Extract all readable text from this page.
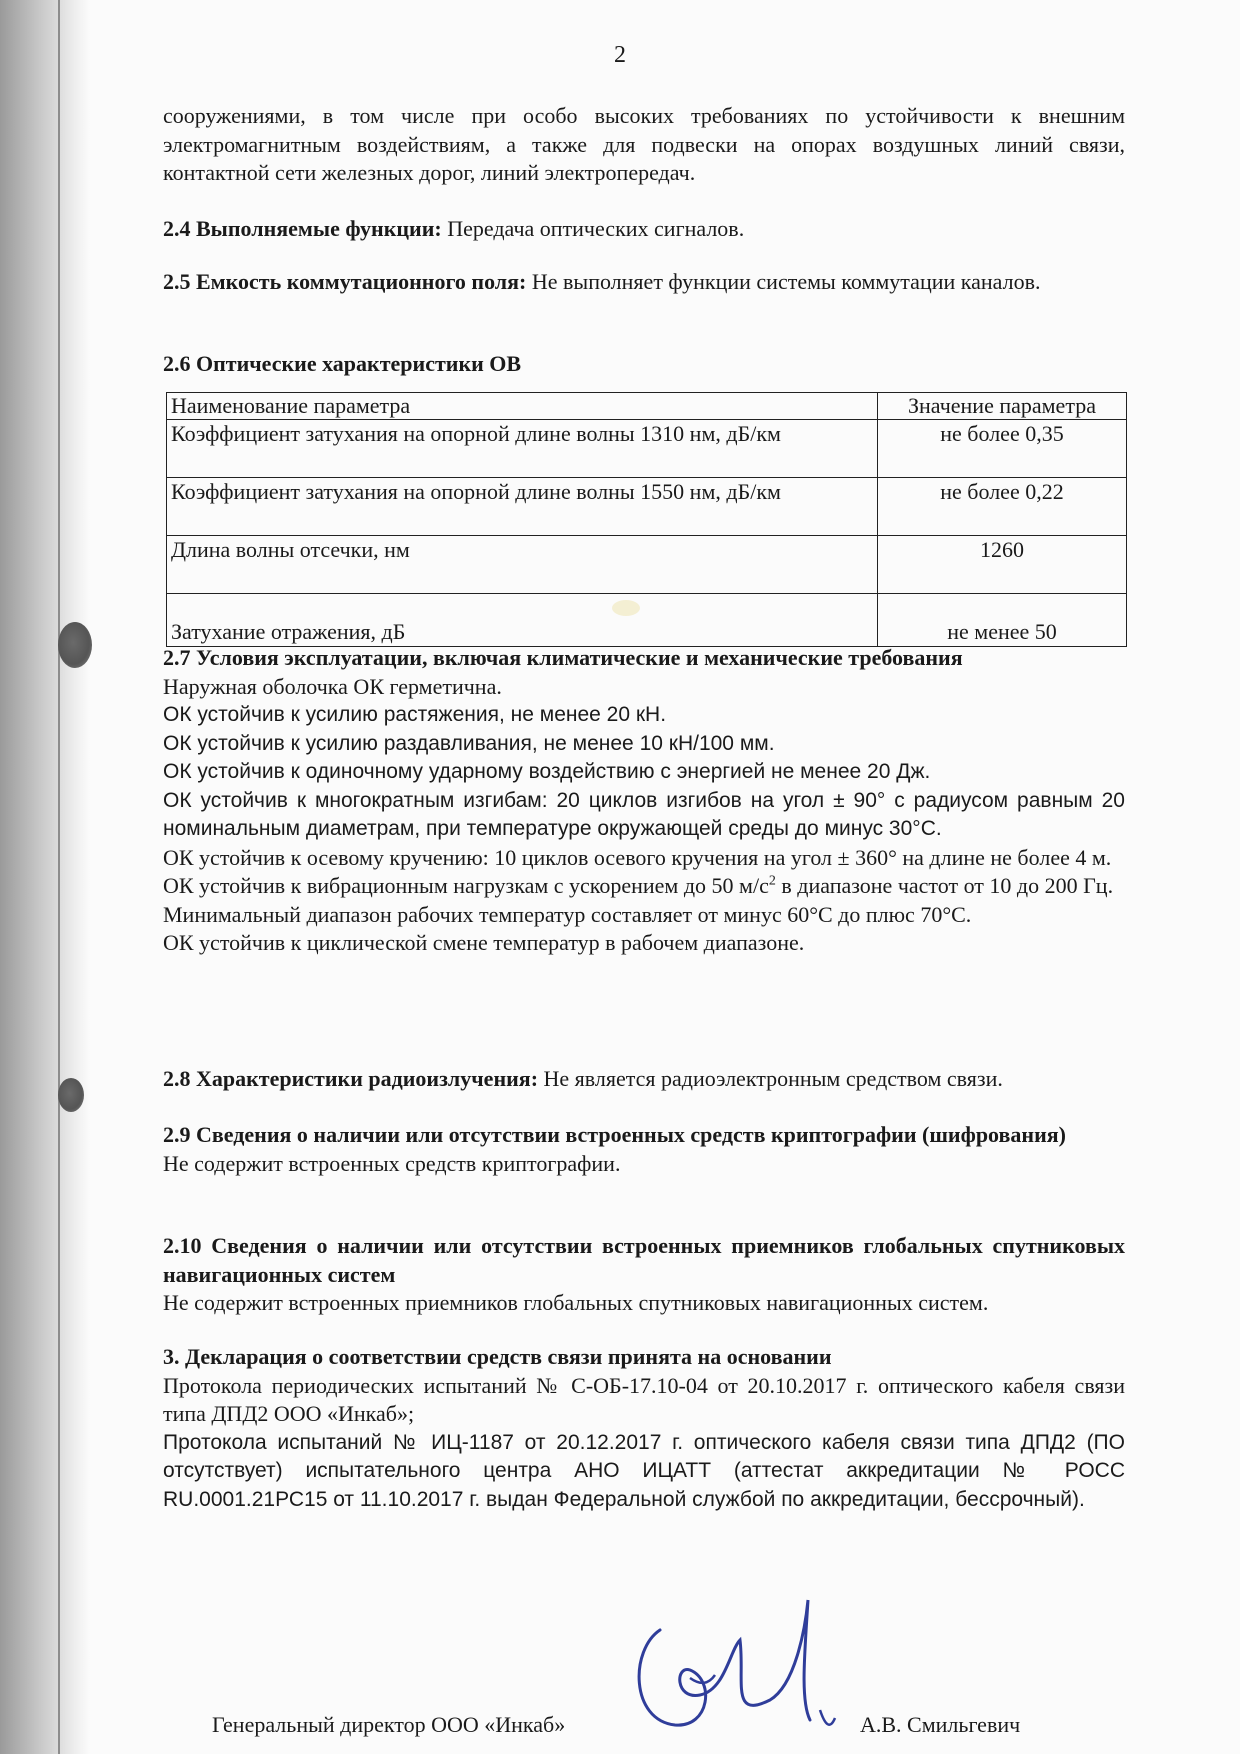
2
сооружениями, в том числе при особо высоких требованиях по устойчивости к внешним электромагнитным воздействиям, а также для подвески на опорах воздушных линий связи, контактной сети железных дорог, линий электропередач.
2.4 Выполняемые функции: Передача оптических сигналов.
2.5 Емкость коммутационного поля: Не выполняет функции системы коммутации каналов.
2.6 Оптические характеристики ОВ
Наименование параметра	Значение параметра
Коэффициент затухания на опорной длине волны 1310 нм, дБ/км	не более 0,35
Коэффициент затухания на опорной длине волны 1550 нм, дБ/км	не более 0,22
Длина волны отсечки, нм	1260
Затухание отражения, дБ	не менее 50
2.7 Условия эксплуатации, включая климатические и механические требования
Наружная оболочка ОК герметична.
ОК устойчив к усилию растяжения, не менее 20 кН.
ОК устойчив к усилию раздавливания, не менее 10 кН/100 мм.
ОК устойчив к одиночному ударному воздействию с энергией не менее 20 Дж.
ОК устойчив к многократным изгибам: 20 циклов изгибов на угол ± 90° с радиусом равным 20 номинальным диаметрам, при температуре окружающей среды до минус 30°С.
ОК устойчив к осевому кручению: 10 циклов осевого кручения на угол ± 360° на длине не более 4 м.
ОК устойчив к вибрационным нагрузкам с ускорением до 50 $м/с^2$ в диапазоне частот от 10 до 200 Гц.
Минимальный диапазон рабочих температур составляет от минус 60°С до плюс 70°С.
ОК устойчив к циклической смене температур в рабочем диапазоне.
2.8 Характеристики радиоизлучения: Не является радиоэлектронным средством связи.
2.9 Сведения о наличии или отсутствии встроенных средств криптографии (шифрования)
Не содержит встроенных средств криптографии.
2.10 Сведения о наличии или отсутствии встроенных приемников глобальных спутниковых навигационных систем
Не содержит встроенных приемников глобальных спутниковых навигационных систем.
3. Декларация о соответствии средств связи принята на основании
Протокола периодических испытаний № С-ОБ-17.10-04 от 20.10.2017 г. оптического кабеля связи типа ДПД2 ООО «Инкаб»;
Протокола испытаний № ИЦ-1187 от 20.12.2017 г. оптического кабеля связи типа ДПД2 (ПО отсутствует) испытательного центра АНО ИЦАТТ (аттестат аккредитации № РОСС RU.0001.21РС15 от 11.10.2017 г. выдан Федеральной службой по аккредитации, бессрочный).
Генеральный директор ООО «Инкаб»	А.В. Смильгевич
